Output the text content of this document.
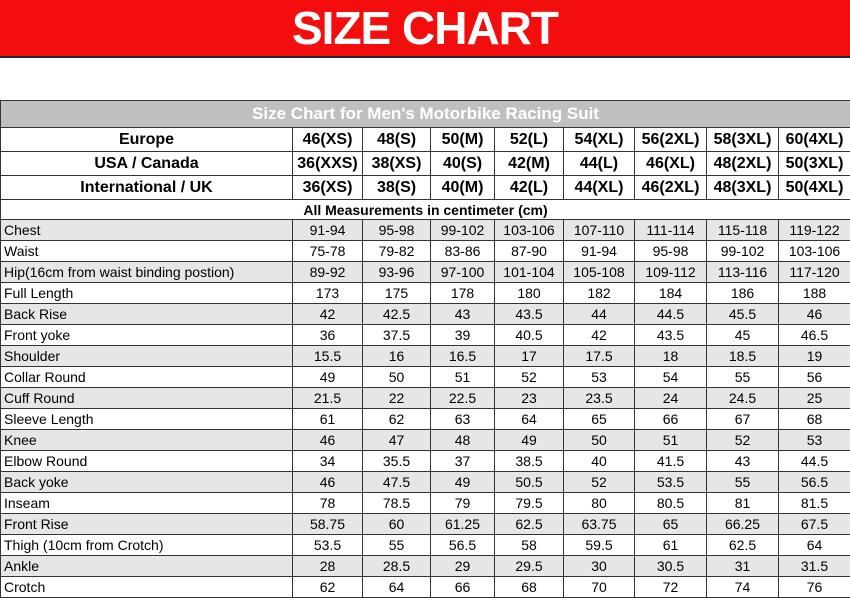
SIZE CHART
Size Chart for Men's Motorbike Racing Suit								
Europe	46(XS)	48(S)	50(M)	52(L)	54(XL)	56(2XL)	58(3XL)	60(4XL)
USA / Canada	36(XXS)	38(XS)	40(S)	42(M)	44(L)	46(XL)	48(2XL)	50(3XL)
International / UK	36(XS)	38(S)	40(M)	42(L)	44(XL)	46(2XL)	48(3XL)	50(4XL)
All Measurements in centimeter (cm)								
Chest	91-94	95-98	99-102	103-106	107-110	111-114	115-118	119-122
Waist	75-78	79-82	83-86	87-90	91-94	95-98	99-102	103-106
Hip(16cm from waist binding postion)	89-92	93-96	97-100	101-104	105-108	109-112	113-116	117-120
Full Length	173	175	178	180	182	184	186	188
Back Rise	42	42.5	43	43.5	44	44.5	45.5	46
Front yoke	36	37.5	39	40.5	42	43.5	45	46.5
Shoulder	15.5	16	16.5	17	17.5	18	18.5	19
Collar Round	49	50	51	52	53	54	55	56
Cuff Round	21.5	22	22.5	23	23.5	24	24.5	25
Sleeve Length	61	62	63	64	65	66	67	68
Knee	46	47	48	49	50	51	52	53
Elbow Round	34	35.5	37	38.5	40	41.5	43	44.5
Back yoke	46	47.5	49	50.5	52	53.5	55	56.5
Inseam	78	78.5	79	79.5	80	80.5	81	81.5
Front Rise	58.75	60	61.25	62.5	63.75	65	66.25	67.5
Thigh (10cm from Crotch)	53.5	55	56.5	58	59.5	61	62.5	64
Ankle	28	28.5	29	29.5	30	30.5	31	31.5
Crotch	62	64	66	68	70	72	74	76
